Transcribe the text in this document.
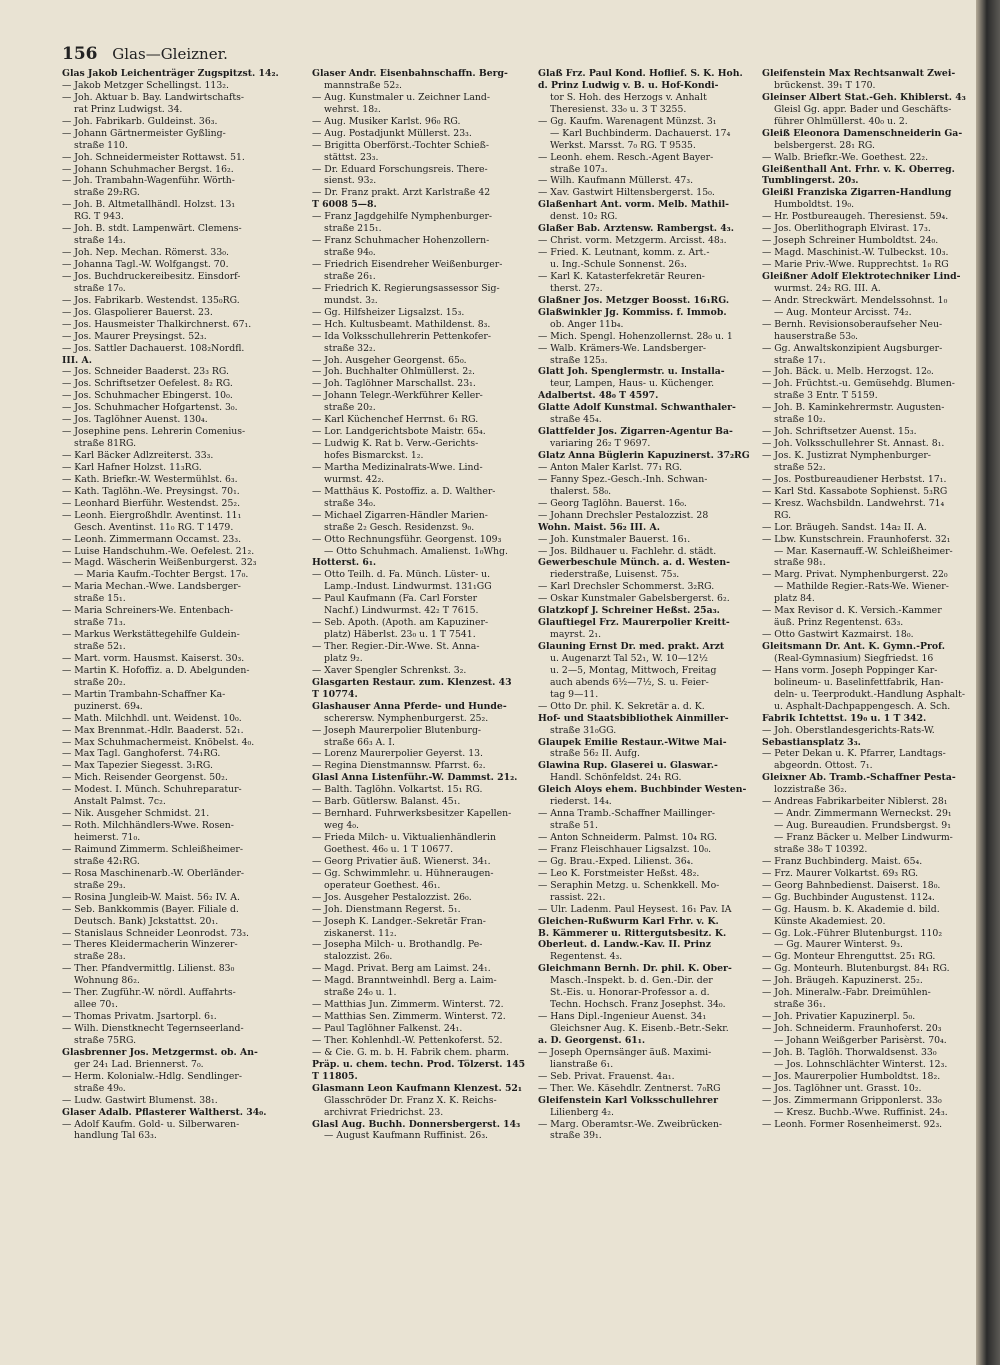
156 Glas—Gleizner.
Glas Jakob Leichenträger Zugspitzst. 14₂.
— Jakob Metzger Schellingst. 113₂.
— Joh. Aktuar b. Bay. Landwirtschafts-
rat Prinz Ludwigst. 34.
— Joh. Fabrikarb. Guldeinst. 36₃.
— Johann Gärtnermeister Gyßling-
straße 110.
— Joh. Schneidermeister Rottawst. 51.
— Johann Schuhmacher Bergst. 16₂.
— Joh. Trambahn-Wagenführ. Wörth-
straße 29₂RG.
— Joh. B. Altmetallhändl. Holzst. 13₁
RG. T 943.
— Joh. B. stdt. Lampenwärt. Clemens-
straße 14₃.
— Joh. Nep. Mechan. Römerst. 33₀.
— Johanna Tagl.-W. Wolfgangst. 70.
— Jos. Buchdruckereibesitz. Einsdorf-
straße 17₀.
— Jos. Fabrikarb. Westendst. 135₀RG.
— Jos. Glaspolierer Bauerst. 23.
— Jos. Hausmeister Thalkirchnerst. 67₁.
— Jos. Maurer Preysingst. 52₃.
— Jos. Sattler Dachauerst. 108₂Nordfl.
III. A.
— Jos. Schneider Baaderst. 23₃ RG.
— Jos. Schriftsetzer Oefelest. 8₂ RG.
— Jos. Schuhmacher Ebingerst. 10₀.
— Jos. Schuhmacher Hofgartenst. 3₀.
— Jos. Taglöhner Auenst. 130₄.
— Josephine pens. Lehrerin Comenius-
straße 81RG.
— Karl Bäcker Adlzreiterst. 33₃.
— Karl Hafner Holzst. 11₃RG.
— Kath. Briefkr.-W. Westermühlst. 6₃.
— Kath. Taglöhn.-We. Preysingst. 70₁.
— Leonhard Bierführ. Westendst. 25₂.
— Leonh. Eiergroßhdlr. Aventinst. 11₁
Gesch. Aventinst. 11₀ RG. T 1479.
— Leonh. Zimmermann Occamst. 23₃.
— Luise Handschuhm.-We. Oefelest. 21₂.
— Magd. Wäscherin Weißenburgerst. 32₃
— Maria Kaufm.-Tochter Bergst. 17₀.
— Maria Mechan.-Wwe. Landsberger-
straße 15₁.
— Maria Schreiners-We. Entenbach-
straße 71₃.
— Markus Werkstättegehilfe Guldein-
straße 52₁.
— Mart. vorm. Hausmst. Kaiserst. 30₃.
— Martin K. Hofoffiz. a. D. Abelgunden-
straße 20₂.
— Martin Trambahn-Schaffner Ka-
puzinerst. 69₄.
— Math. Milchhdl. unt. Weidenst. 10₀.
— Max Brennmat.-Hdlr. Baaderst. 52₁.
— Max Schuhmachermeist. Knöbelst. 4₀.
— Max Tagl. Ganghoferst. 74₁RG.
— Max Tapezier Siegesst. 3₁RG.
— Mich. Reisender Georgenst. 50₂.
— Modest. I. Münch. Schuhreparatur-
Anstalt Palmst. 7c₂.
— Nik. Ausgeher Schmidst. 21.
— Roth. Milchhändlers-Wwe. Rosen-
heimerst. 71₀.
— Raimund Zimmerm. Schleißheimer-
straße 42₁RG.
— Rosa Maschinenarb.-W. Oberländer-
straße 29₃.
— Rosina Jungleib-W. Maist. 56₂ IV. A.
— Seb. Bankkommis (Bayer. Filiale d.
Deutsch. Bank) Jckstattst. 20₁.
— Stanislaus Schneider Leonrodst. 73₃.
— Theres Kleidermacherin Winzerer-
straße 28₃.
— Ther. Pfandvermittlg. Lilienst. 83₀
Wohnung 86₂.
— Ther. Zugführ.-W. nördl. Auffahrts-
allee 70₁.
— Thomas Privatm. Jsartorpl. 6₁.
— Wilh. Dienstknecht Tegernseerland-
straße 75RG.
Glasbrenner Jos. Metzgermst. ob. An-
ger 24₁ Lad. Briennerst. 7₀.
— Herm. Kolonialw.-Hdlg. Sendlinger-
straße 49₀.
— Ludw. Gastwirt Blumenst. 38₁.
Glaser Adalb. Pflasterer Waltherst. 34₀.
— Adolf Kaufm. Gold- u. Silberwaren-
handlung Tal 63₃.
Glaser Andr. Eisenbahnschaffn. Berg-
mannstraße 52₂.
— Aug. Kunstmaler u. Zeichner Land-
wehrst. 18₂.
— Aug. Musiker Karlst. 96₀ RG.
— Aug. Postadjunkt Müllerst. 23₃.
— Brigitta Oberförst.-Tochter Schieß-
stättst. 23₃.
— Dr. Eduard Forschungsreis. There-
sienst. 93₂.
— Dr. Franz prakt. Arzt Karlstraße 42
T 6008 5—8.
— Franz Jagdgehilfe Nymphenburger-
straße 215₁.
— Franz Schuhmacher Hohenzollern-
straße 94₀.
— Friedrich Eisendreher Weißenburger-
straße 26₁.
— Friedrich K. Regierungsassessor Sig-
mundst. 3₂.
— Gg. Hilfsheizer Ligsalzst. 15₃.
— Hch. Kultusbeamt. Mathildenst. 8₃.
— Ida Volksschullehrerin Pettenkofer-
straße 32₂.
— Joh. Ausgeher Georgenst. 65₀.
— Joh. Buchhalter Ohlmüllerst. 2₂.
— Joh. Taglöhner Marschallst. 23₁.
— Johann Telegr.-Werkführer Keller-
straße 20₂.
— Karl Küchenchef Herrnst. 6₁ RG.
— Lor. Landgerichtsbote Maistr. 65₄.
— Ludwig K. Rat b. Verw.-Gerichts-
hofes Bismarckst. 1₂.
— Martha Medizinalrats-Wwe. Lind-
wurmst. 42₂.
— Matthäus K. Postoffiz. a. D. Walther-
straße 34₀.
— Michael Zigarren-Händler Marien-
straße 2₂ Gesch. Residenzst. 9₀.
— Otto Rechnungsführ. Georgenst. 109₃
— Otto Schuhmach. Amalienst. 1₀Whg.
Hotterst. 6₁.
— Otto Teilh. d. Fa. Münch. Lüster- u.
Lamp.-Indust. Lindwurmst. 131₁GG
— Paul Kaufmann (Fa. Carl Forster
Nachf.) Lindwurmst. 42₂ T 7615.
— Seb. Apoth. (Apoth. am Kapuziner-
platz) Häberlst. 23₀ u. 1 T 7541.
— Ther. Regier.-Dir.-Wwe. St. Anna-
platz 9₂.
— Xaver Spengler Schrenkst. 3₂.
Glasgarten Restaur. zum. Klenzest. 43
T 10774.
Glashauser Anna Pferde- und Hunde-
scherersw. Nymphenburgerst. 25₂.
— Joseph Maurerpolier Blutenburg-
straße 66₃ A. I.
— Lorenz Maurerpolier Geyerst. 13.
— Regina Dienstmannsw. Pfarrst. 6₂.
Glasl Anna Listenführ.-W. Dammst. 21₂.
— Balth. Taglöhn. Volkartst. 15₁ RG.
— Barb. Gütlersw. Balanst. 45₁.
— Bernhard. Fuhrwerksbesitzer Kapellen-
weg 4₀.
— Frieda Milch- u. Viktualienhändlerin
Goethest. 46₀ u. 1 T 10677.
— Georg Privatier äuß. Wienerst. 34₁.
— Gg. Schwimmlehr. u. Hühneraugen-
operateur Goethest. 46₁.
— Jos. Ausgeher Pestalozzist. 26₀.
— Joh. Dienstmann Regerst. 5₁.
— Joseph K. Landger.-Sekretär Fran-
ziskanerst. 11₂.
— Josepha Milch- u. Brothandlg. Pe-
stalozzist. 26₀.
— Magd. Privat. Berg am Laimst. 24₁.
— Magd. Branntweinhdl. Berg a. Laim-
straße 24₀ u. 1.
— Matthias Jun. Zimmerm. Winterst. 72.
— Matthias Sen. Zimmerm. Winterst. 72.
— Paul Taglöhner Falkenst. 24₁.
— Ther. Kohlenhdl.-W. Pettenkoferst. 52.
— & Cie. G. m. b. H. Fabrik chem. pharm.
Präp. u. chem. techn. Prod. Tölzerst. 145
T 11805.
Glasmann Leon Kaufmann Klenzest. 52₁
Glasschröder Dr. Franz X. K. Reichs-
archivrat Friedrichst. 23.
Glasl Aug. Buchh. Donnersbergerst. 14₃
— August Kaufmann Ruffinist. 26₃.
Glaß Frz. Paul Kond. Hoflief. S. K. Hoh.
d. Prinz Ludwig v. B. u. Hof-Kondi-
tor S. Hoh. des Herzogs v. Anhalt
Theresienst. 33₀ u. 3 T 3255.
— Gg. Kaufm. Warenagent Münzst. 3₁
— Karl Buchbinderm. Dachauerst. 17₄
Werkst. Marsst. 7₀ RG. T 9535.
— Leonh. ehem. Resch.-Agent Bayer-
straße 107₃.
— Wilh. Kaufmann Müllerst. 47₃.
— Xav. Gastwirt Hiltensbergerst. 15₀.
Glaßenhart Ant. vorm. Melb. Mathil-
denst. 10₂ RG.
Glaßer Bab. Arztensw. Rambergst. 4₃.
— Christ. vorm. Metzgerm. Arcisst. 48₃.
— Fried. K. Leutnant, komm. z. Art.-
u. Ing.-Schule Sonnenst. 26₃.
— Karl K. Katasterfekretär Reuren-
therst. 27₂.
Glaßner Jos. Metzger Boosst. 16₁RG.
Glaßwinkler Jg. Kommiss. f. Immob.
ob. Anger 11b₄.
— Mich. Spengl. Hohenzollernst. 28₀ u. 1
— Walb. Krämers-We. Landsberger-
straße 125₃.
Glatt Joh. Spenglermstr. u. Installa-
teur, Lampen, Haus- u. Küchenger.
Adalbertst. 48₀ T 4597.
Glatte Adolf Kunstmal. Schwanthaler-
straße 45₄.
Glattfelder Jos. Zigarren-Agentur Ba-
variaring 26₂ T 9697.
Glatz Anna Büglerin Kapuzinerst. 37₂RG
— Anton Maler Karlst. 77₁ RG.
— Fanny Spez.-Gesch.-Inh. Schwan-
thalerst. 58₀.
— Georg Taglöhn. Bauerst. 16₀.
— Johann Drechsler Pestalozzist. 28
Wohn. Maist. 56₂ III. A.
— Joh. Kunstmaler Bauerst. 16₁.
— Jos. Bildhauer u. Fachlehr. d. städt.
Gewerbeschule Münch. a. d. Westen-
riederstraße, Luisenst. 75₃.
— Karl Drechsler Schommerst. 3₂RG.
— Oskar Kunstmaler Gabelsbergerst. 6₂.
Glatzkopf J. Schreiner Heßst. 25a₃.
Glauftiegel Frz. Maurerpolier Kreitt-
mayrst. 2₁.
Glauning Ernst Dr. med. prakt. Arzt
u. Augenarzt Tal 52₁, W. 10—12½
u. 2—5, Montag, Mittwoch, Freitag
auch abends 6½—7½, S. u. Feier-
tag 9—11.
— Otto Dr. phil. K. Sekretär a. d. K.
Hof- und Staatsbibliothek Ainmiller-
straße 31₀GG.
Glaupek Emilie Restaur.-Witwe Mai-
straße 56₂ II. Aufg.
Glawina Rup. Glaserei u. Glaswar.-
Handl. Schönfeldst. 24₁ RG.
Gleich Aloys ehem. Buchbinder Westen-
riederst. 14₄.
— Anna Tramb.-Schaffner Maillinger-
straße 51.
— Anton Schneiderm. Palmst. 10₄ RG.
— Franz Fleischhauer Ligsalzst. 10₀.
— Gg. Brau.-Exped. Lilienst. 36₄.
— Leo K. Forstmeister Heßst. 48₂.
— Seraphin Metzg. u. Schenkkell. Mo-
rassist. 22₁.
— Ulr. Ladenm. Paul Heysest. 16₁ Pav. IA
Gleichen-Rußwurm Karl Frhr. v. K.
B. Kämmerer u. Rittergutsbesitz. K.
Oberleut. d. Landw.-Kav. II. Prinz
Regentenst. 4₃.
Gleichmann Bernh. Dr. phil. K. Ober-
Masch.-Inspekt. b. d. Gen.-Dir. der
St.-Eis. u. Honorar-Professor a. d.
Techn. Hochsch. Franz Josephst. 34₀.
— Hans Dipl.-Ingenieur Auenst. 34₁
Gleichsner Aug. K. Eisenb.-Betr.-Sekr.
a. D. Georgenst. 61₁.
— Joseph Opernsänger äuß. Maximi-
lianstraße 6₁.
— Seb. Privat. Frauenst. 4a₁.
— Ther. We. Käsehdlr. Zentnerst. 7₀RG
Gleifenstein Karl Volksschullehrer
Lilienberg 4₂.
— Marg. Oberamtsr.-We. Zweibrücken-
straße 39₁.
Gleifenstein Max Rechtsanwalt Zwei-
brückenst. 39₁ T 170.
Gleinser Albert Stat.-Geh. Khiblerst. 4₃
Gleisl Gg. appr. Bader und Geschäfts-
führer Ohlmüllerst. 40₀ u. 2.
Gleiß Eleonora Damenschneiderin Ga-
belsbergerst. 28₁ RG.
— Walb. Briefkr.-We. Goethest. 22₂.
Gleißenthall Ant. Frhr. v. K. Oberreg.
Tumblingerst. 20₃.
Gleißl Franziska Zigarren-Handlung
Humboldtst. 19₀.
— Hr. Postbureaugeh. Theresienst. 59₄.
— Jos. Oberlithograph Elvirast. 17₃.
— Joseph Schreiner Humboldtst. 24₀.
— Magd. Maschinist.-W. Tulbeckst. 10₃.
— Marie Priv.-Wwe. Rupprechtst. 1₀ RG
Gleißner Adolf Elektrotechniker Lind-
wurmst. 24₂ RG. III. A.
— Andr. Streckwärt. Mendelssohnst. 1₀
— Aug. Monteur Arcisst. 74₂.
— Bernh. Revisionsoberaufseher Neu-
hauserstraße 53₀.
— Gg. Anwaltskonzipient Augsburger-
straße 17₁.
— Joh. Bäck. u. Melb. Herzogst. 12₀.
— Joh. Früchtst.-u. Gemüsehdg. Blumen-
straße 3 Entr. T 5159.
— Joh. B. Kaminkehrermstr. Augusten-
straße 10₂.
— Joh. Schriftsetzer Auenst. 15₃.
— Joh. Volksschullehrer St. Annast. 8₁.
— Jos. K. Justizrat Nymphenburger-
straße 52₂.
— Jos. Postbureaudiener Herbstst. 17₁.
— Karl Std. Kassabote Sophienst. 5₃RG
— Kresz. Wachsbildn. Landwehrst. 71₄
RG.
— Lor. Bräugeh. Sandst. 14a₂ II. A.
— Lbw. Kunstschrein. Fraunhoferst. 32₁
— Mar. Kasernauff.-W. Schleißheimer-
straße 98₁.
— Marg. Privat. Nymphenburgerst. 22₀
— Mathilde Regier.-Rats-We. Wiener-
platz 84.
— Max Revisor d. K. Versich.-Kammer
äuß. Prinz Regentenst. 63₃.
— Otto Gastwirt Kazmairst. 18₀.
Gleitsmann Dr. Ant. K. Gymn.-Prof.
(Real-Gymnasium) Siegfriedst. 16
— Hans vorm. Joseph Poppinger Kar-
bolineum- u. Baselinfettfabrik, Han-
deln- u. Teerprodukt.-Handlung Asphalt-
u. Asphalt-Dachpappengesch. A. Sch.
Fabrik Ichtettst. 19₀ u. 1 T 342.
— Joh. Oberstlandesgerichts-Rats-W.
Sebastiansplatz 3₃.
— Peter Dekan u. K. Pfarrer, Landtags-
abgeordn. Ottost. 7₁.
Gleixner Ab. Tramb.-Schaffner Pesta-
lozzistraße 36₂.
— Andreas Fabrikarbeiter Niblerst. 28₁
— Andr. Zimmermann Werneckst. 29₁
— Aug. Bureaudien. Frundsbergst. 9₁
— Franz Bäcker u. Melber Lindwurm-
straße 38₀ T 10392.
— Franz Buchbinderg. Maist. 65₄.
— Frz. Maurer Volkartst. 69₃ RG.
— Georg Bahnbedienst. Daiserst. 18₀.
— Gg. Buchbinder Augustenst. 112₄.
— Gg. Hausm. b. K. Akademie d. bild.
Künste Akademiest. 20.
— Gg. Lok.-Führer Blutenburgst. 110₂
— Gg. Maurer Winterst. 9₃.
— Gg. Monteur Ehrenguttst. 25₁ RG.
— Gg. Monteurh. Blutenburgst. 84₁ RG.
— Joh. Bräugeh. Kapuzinerst. 25₂.
— Joh. Mineralw.-Fabr. Dreimühlen-
straße 36₁.
— Joh. Privatier Kapuzinerpl. 5₀.
— Joh. Schneiderm. Fraunhoferst. 20₃
— Johann Weißgerber Parisèrst. 70₄.
— Joh. B. Taglöh. Thorwaldsenst. 33₀
— Jos. Lohnschlächter Winterst. 12₃.
— Jos. Maurerpolier Humboldtst. 18₂.
— Jos. Taglöhner unt. Grasst. 10₂.
— Jos. Zimmermann Gripponlerst. 33₀
— Kresz. Buchb.-Wwe. Ruffinist. 24₃.
— Leonh. Former Rosenheimerst. 92₃.
